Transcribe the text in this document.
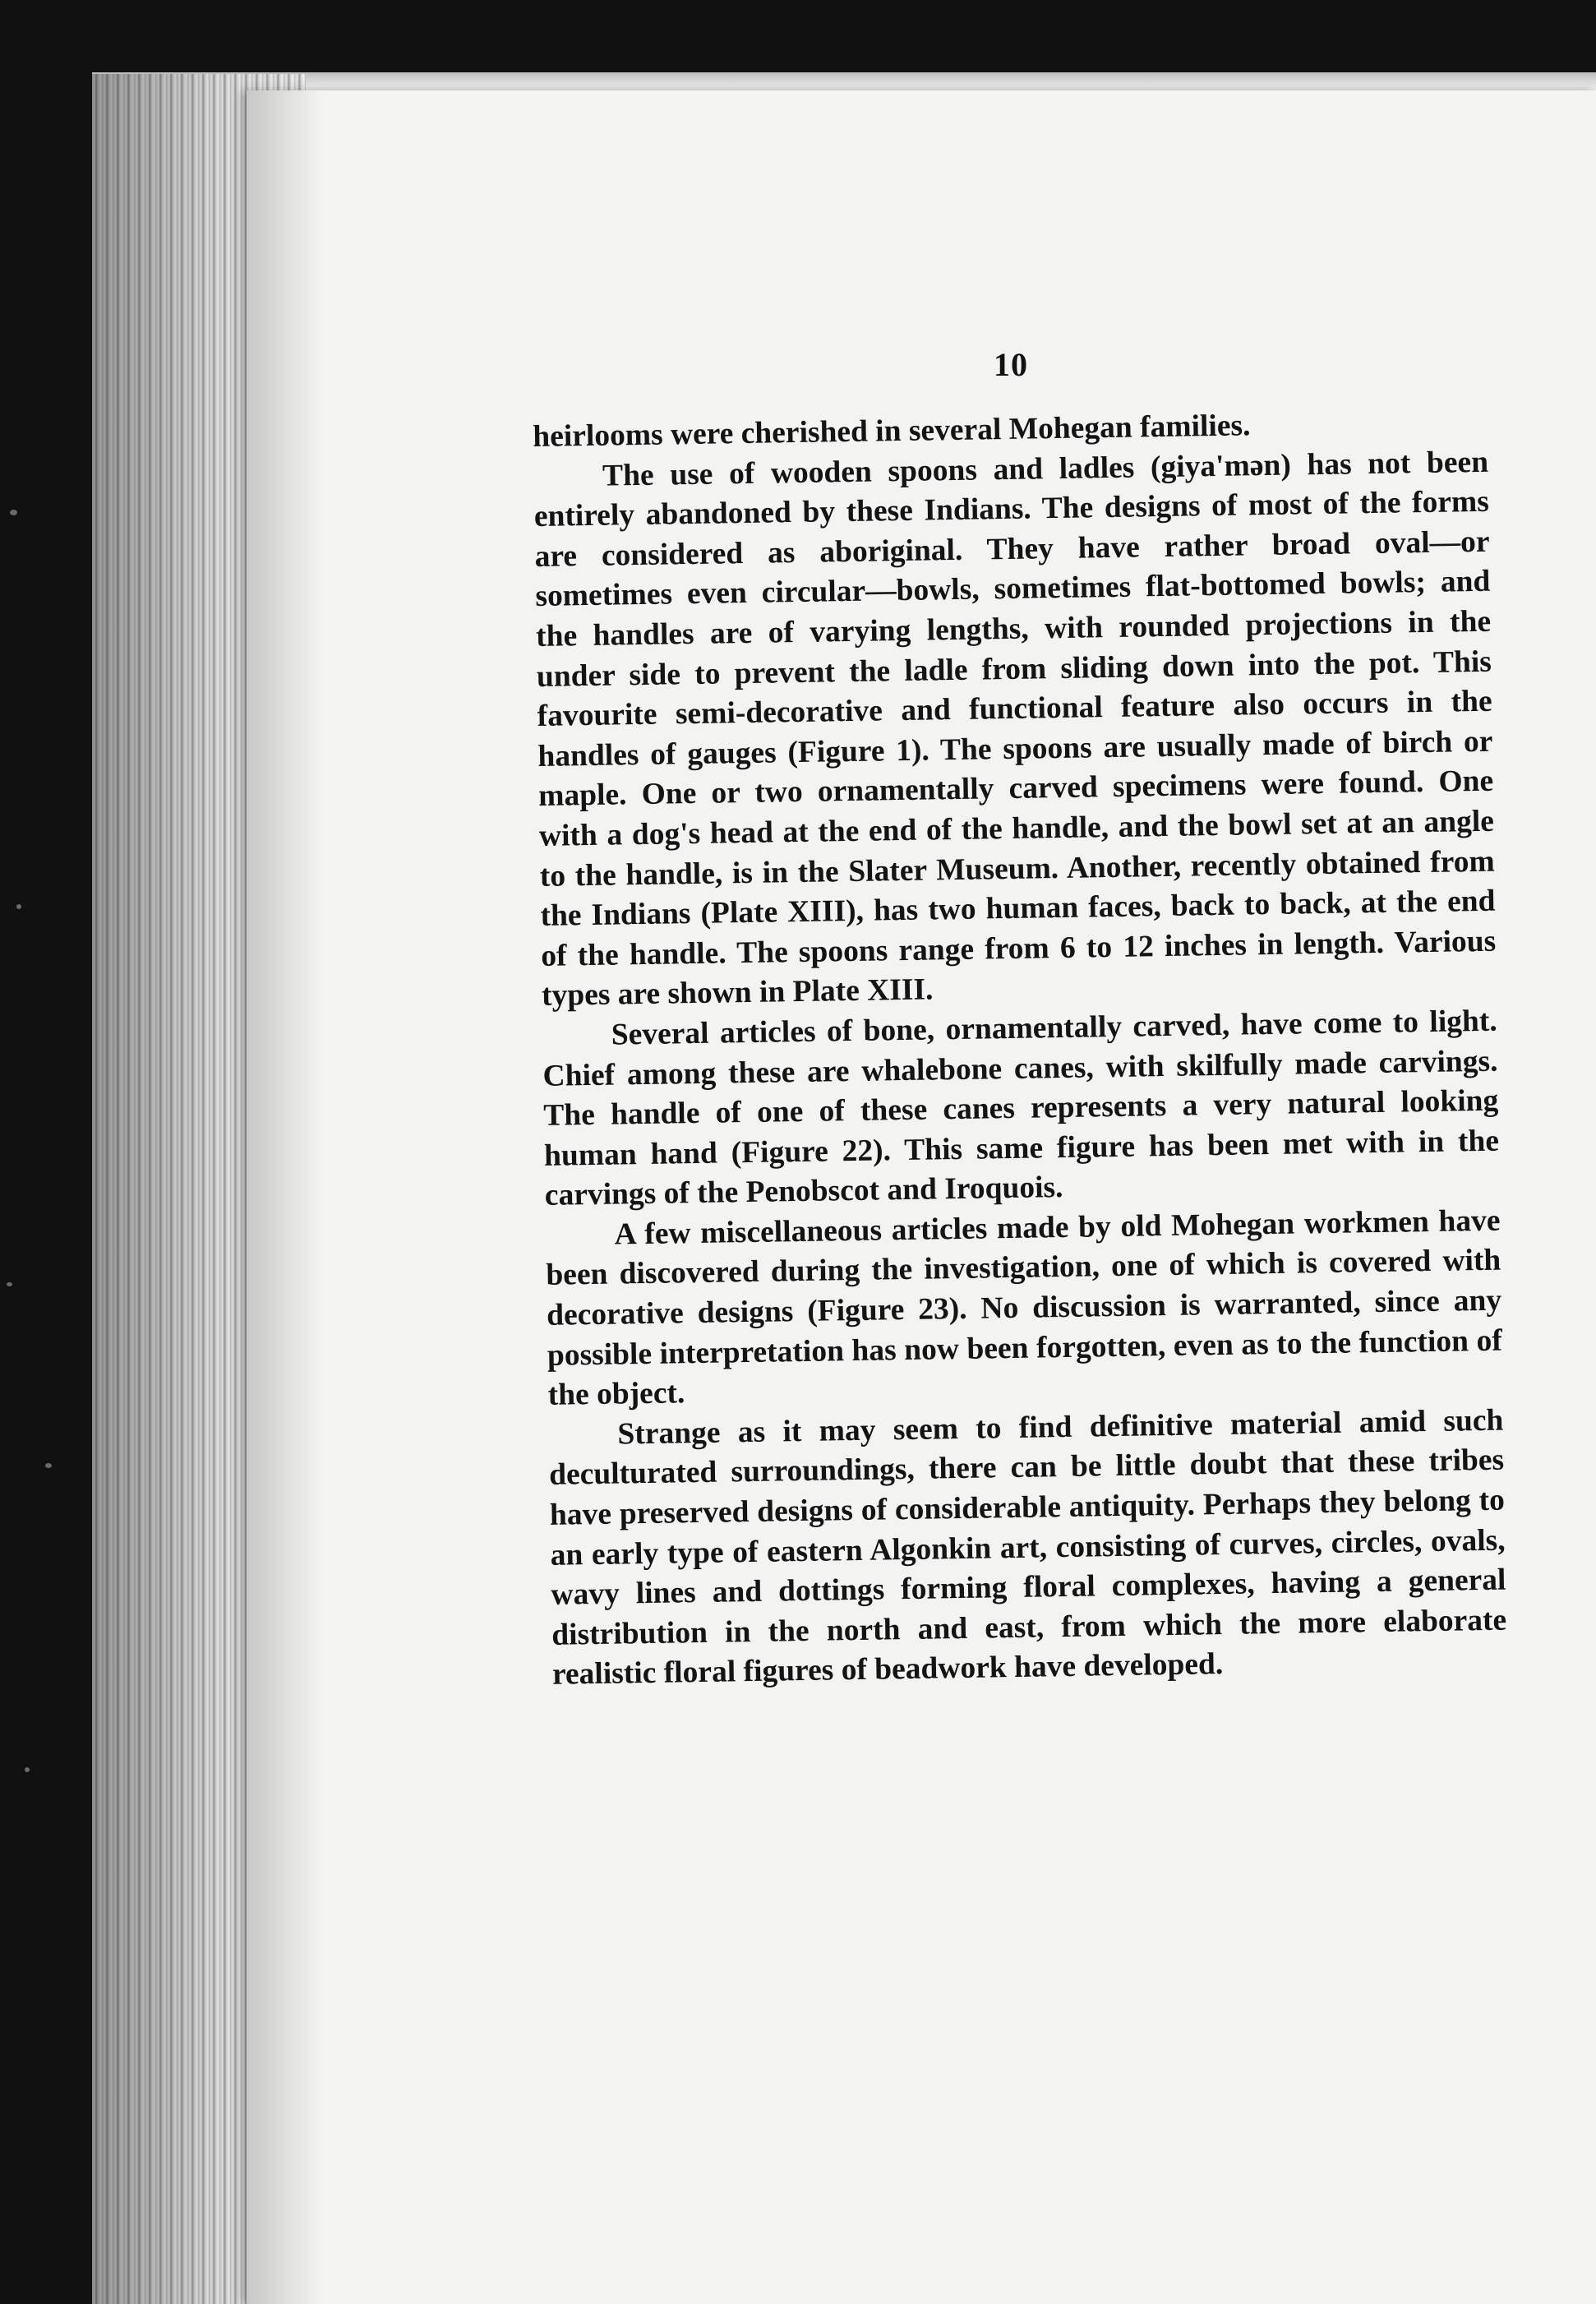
10

heirlooms were cherished in several Mohegan families.

The use of wooden spoons and ladles (giya'mən) has not been entirely abandoned by these Indians. The designs of most of the forms are considered as aboriginal. They have rather broad oval—or sometimes even circular—bowls, sometimes flat-bottomed bowls; and the handles are of varying lengths, with rounded projections in the under side to prevent the ladle from sliding down into the pot. This favourite semi-decorative and functional feature also occurs in the handles of gauges (Figure 1). The spoons are usually made of birch or maple. One or two ornamentally carved specimens were found. One with a dog's head at the end of the handle, and the bowl set at an angle to the handle, is in the Slater Museum. Another, recently obtained from the Indians (Plate XIII), has two human faces, back to back, at the end of the handle. The spoons range from 6 to 12 inches in length. Various types are shown in Plate XIII.

Several articles of bone, ornamentally carved, have come to light. Chief among these are whalebone canes, with skilfully made carvings. The handle of one of these canes represents a very natural looking human hand (Figure 22). This same figure has been met with in the carvings of the Penobscot and Iroquois.

A few miscellaneous articles made by old Mohegan workmen have been discovered during the investigation, one of which is covered with decorative designs (Figure 23). No discussion is warranted, since any possible interpretation has now been forgotten, even as to the function of the object.

Strange as it may seem to find definitive material amid such deculturated surroundings, there can be little doubt that these tribes have preserved designs of considerable antiquity. Perhaps they belong to an early type of eastern Algonkin art, consisting of curves, circles, ovals, wavy lines and dottings forming floral complexes, having a general distribution in the north and east, from which the more elaborate realistic floral figures of beadwork have developed.
